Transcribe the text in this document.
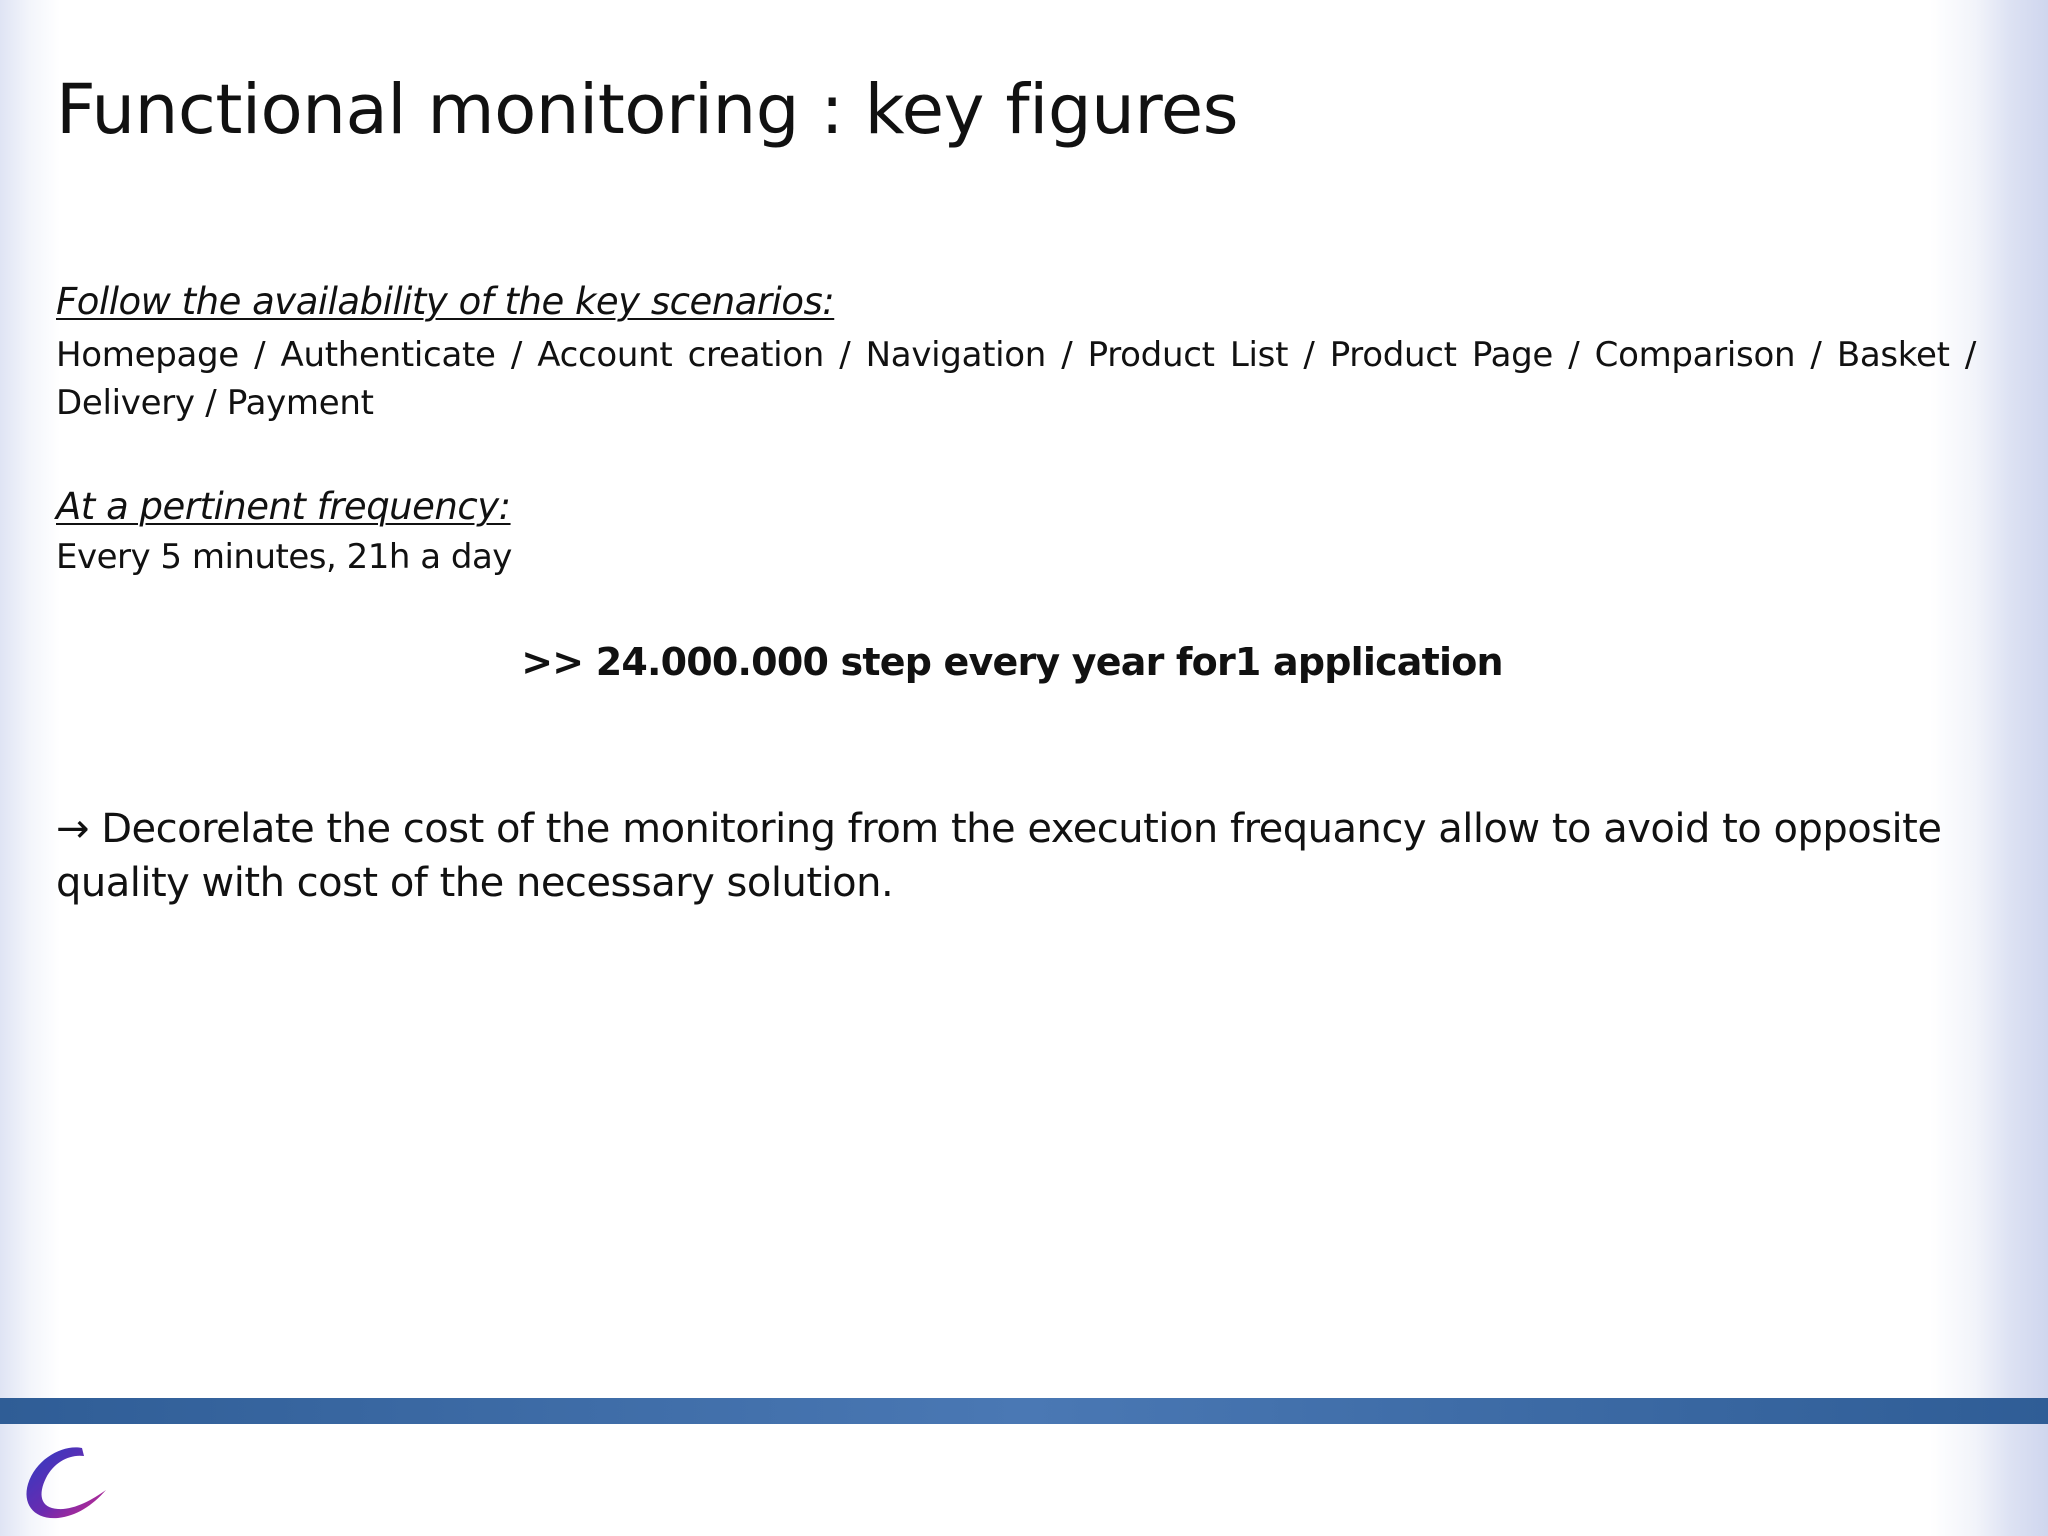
Functional monitoring : key figures

Follow the availability of the key scenarios:

Homepage / Authenticate / Account creation / Navigation / Product List / Product Page / Comparison / Basket / Delivery / Payment

At a pertinent frequency:

Every 5 minutes, 21h a day

>> 24.000.000 step every year for1 application

→ Decorelate the cost of the monitoring from the execution frequancy allow to avoid to opposite quality with cost of the necessary solution.
